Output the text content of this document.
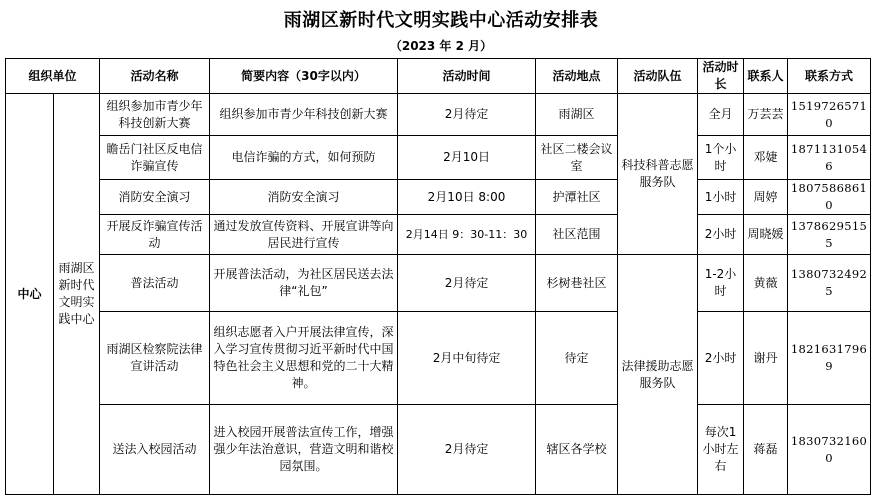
雨湖区新时代文明实践中心活动安排表
（2023 年 2 月）
组织单位		活动名称	简要内容（30字以内）	活动时间	活动地点	活动队伍	活动时长	联系人	联系方式
中心	雨湖区新时代文明实践中心	组织参加市青少年科技创新大赛	组织参加市青少年科技创新大赛	2月待定	雨湖区	科技科普志愿服务队	全月	万芸芸	15197265710
		瞻岳门社区反电信诈骗宣传	电信诈骗的方式，如何预防	2月10日	社区二楼会议室		1个小时	邓婕	18711310546
		消防安全演习	消防安全演习	2月10日 8:00	护潭社区		1小时	周婷	18075868610
		开展反诈骗宣传活动	通过发放宣传资料、开展宣讲等向居民进行宣传	2月14日 9：30-11：30	社区范围		2小时	周晓媛	13786295155
		普法活动	开展普法活动，为社区居民送去法律“礼包”	2月待定	杉树巷社区	法律援助志愿服务队	1-2小时	黄薇	13807324925
		雨湖区检察院法律宣讲活动	组织志愿者入户开展法律宣传，深入学习宣传贯彻习近平新时代中国特色社会主义思想和党的二十大精神。	2月中旬待定	待定		2小时	谢丹	18216317969
		送法入校园活动	进入校园开展普法宣传工作，增强强少年法治意识，营造文明和谐校园氛围。	2月待定	辖区各学校		每次1小时左右	蒋磊	18307321600
